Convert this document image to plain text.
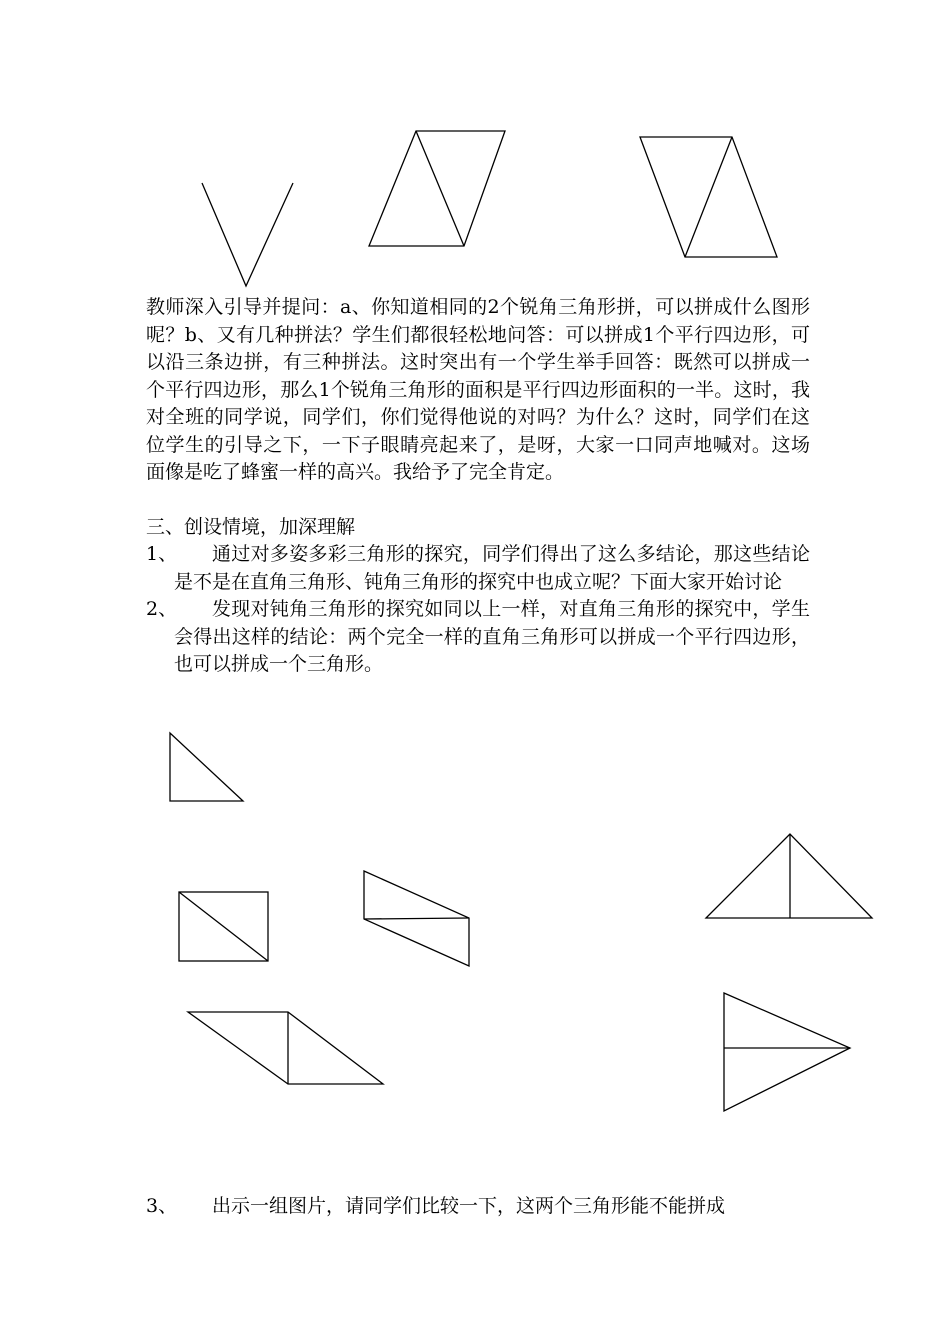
教师深入引导并提问：a、你知道相同的2个锐角三角形拼，可以拼成什么图形呢？b、又有几种拼法？学生们都很轻松地问答：可以拼成1个平行四边形，可以沿三条边拼，有三种拼法。这时突出有一个学生举手回答：既然可以拼成一个平行四边形，那么1个锐角三角形的面积是平行四边形面积的一半。这时，我对全班的同学说，同学们，你们觉得他说的对吗？为什么？这时，同学们在这位学生的引导之下，一下子眼睛亮起来了，是呀，大家一口同声地喊对。这场面像是吃了蜂蜜一样的高兴。我给予了完全肯定。
三、创设情境，加深理解
1、	通过对多姿多彩三角形的探究，同学们得出了这么多结论，那这些结论是不是在直角三角形、钝角三角形的探究中也成立呢？下面大家开始讨论
2、	发现对钝角三角形的探究如同以上一样，对直角三角形的探究中，学生会得出这样的结论：两个完全一样的直角三角形可以拼成一个平行四边形，也可以拼成一个三角形。
3、	出示一组图片，请同学们比较一下，这两个三角形能不能拼成
